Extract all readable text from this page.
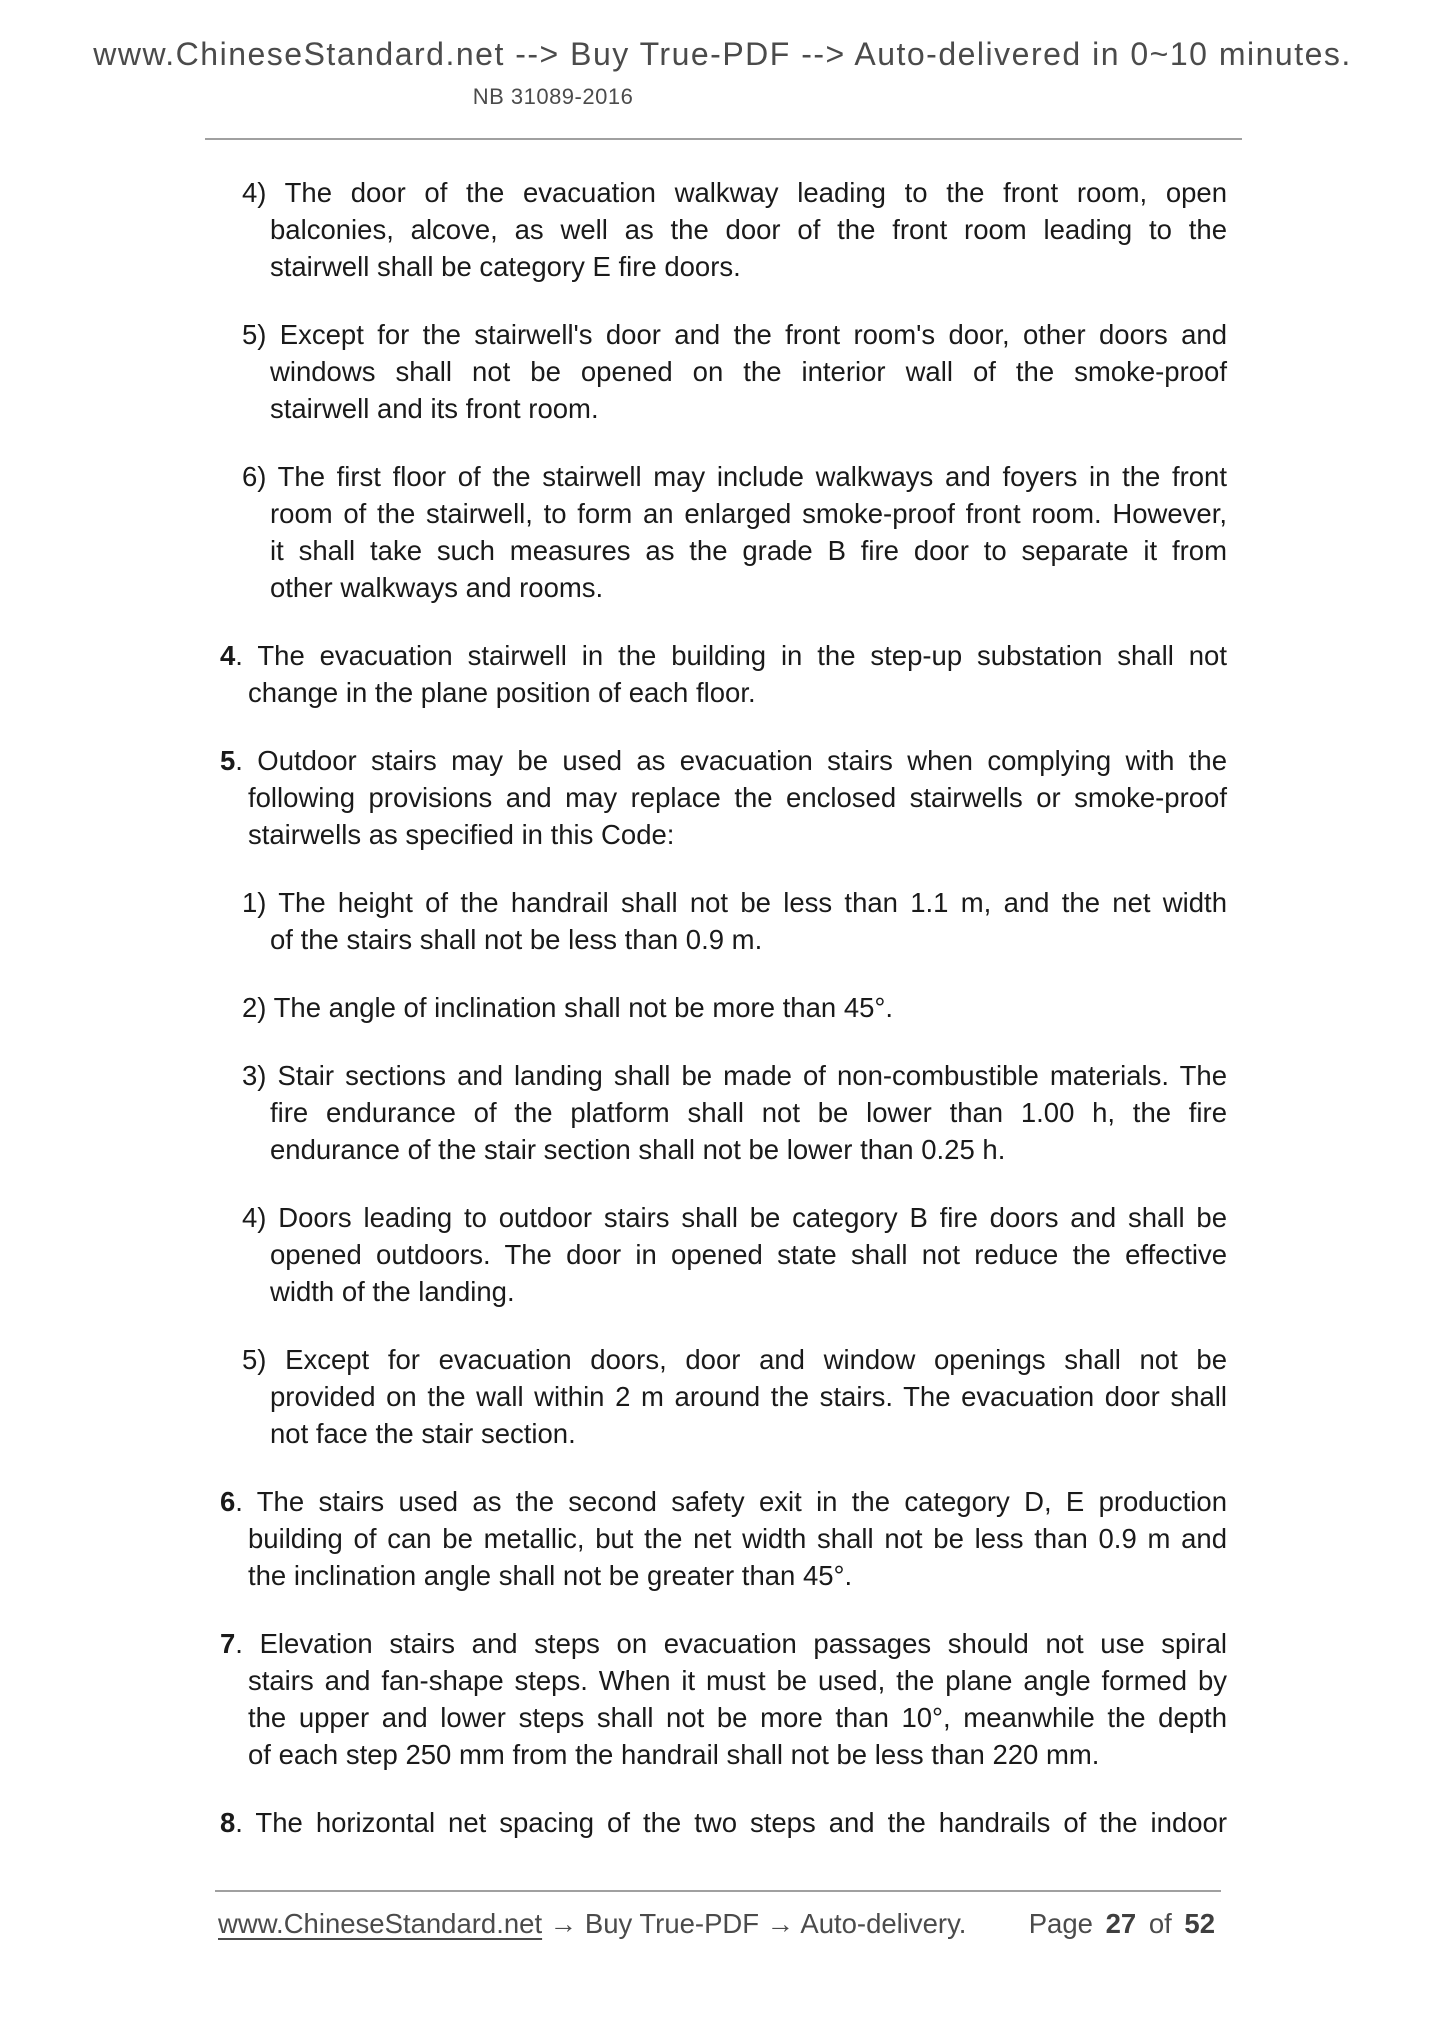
www.ChineseStandard.net --> Buy True-PDF --> Auto-delivered in 0~10 minutes.
NB 31089-2016
4) The door of the evacuation walkway leading to the front room, open
balconies, alcove, as well as the door of the front room leading to the
stairwell shall be category E fire doors.
5) Except for the stairwell's door and the front room's door, other doors and
windows shall not be opened on the interior wall of the smoke-proof
stairwell and its front room.
6) The first floor of the stairwell may include walkways and foyers in the front
room of the stairwell, to form an enlarged smoke-proof front room. However,
it shall take such measures as the grade B fire door to separate it from
other walkways and rooms.
4. The evacuation stairwell in the building in the step-up substation shall not
change in the plane position of each floor.
5. Outdoor stairs may be used as evacuation stairs when complying with the
following provisions and may replace the enclosed stairwells or smoke-proof
stairwells as specified in this Code:
1) The height of the handrail shall not be less than 1.1 m, and the net width
of the stairs shall not be less than 0.9 m.
2) The angle of inclination shall not be more than 45°.
3) Stair sections and landing shall be made of non-combustible materials. The
fire endurance of the platform shall not be lower than 1.00 h, the fire
endurance of the stair section shall not be lower than 0.25 h.
4) Doors leading to outdoor stairs shall be category B fire doors and shall be
opened outdoors. The door in opened state shall not reduce the effective
width of the landing.
5) Except for evacuation doors, door and window openings shall not be
provided on the wall within 2 m around the stairs. The evacuation door shall
not face the stair section.
6. The stairs used as the second safety exit in the category D, E production
building of can be metallic, but the net width shall not be less than 0.9 m and
the inclination angle shall not be greater than 45°.
7. Elevation stairs and steps on evacuation passages should not use spiral
stairs and fan-shape steps. When it must be used, the plane angle formed by
the upper and lower steps shall not be more than 10°, meanwhile the depth
of each step 250 mm from the handrail shall not be less than 220 mm.
8. The horizontal net spacing of the two steps and the handrails of the indoor
www.ChineseStandard.net → Buy True-PDF → Auto-delivery. Page 27 of 52
